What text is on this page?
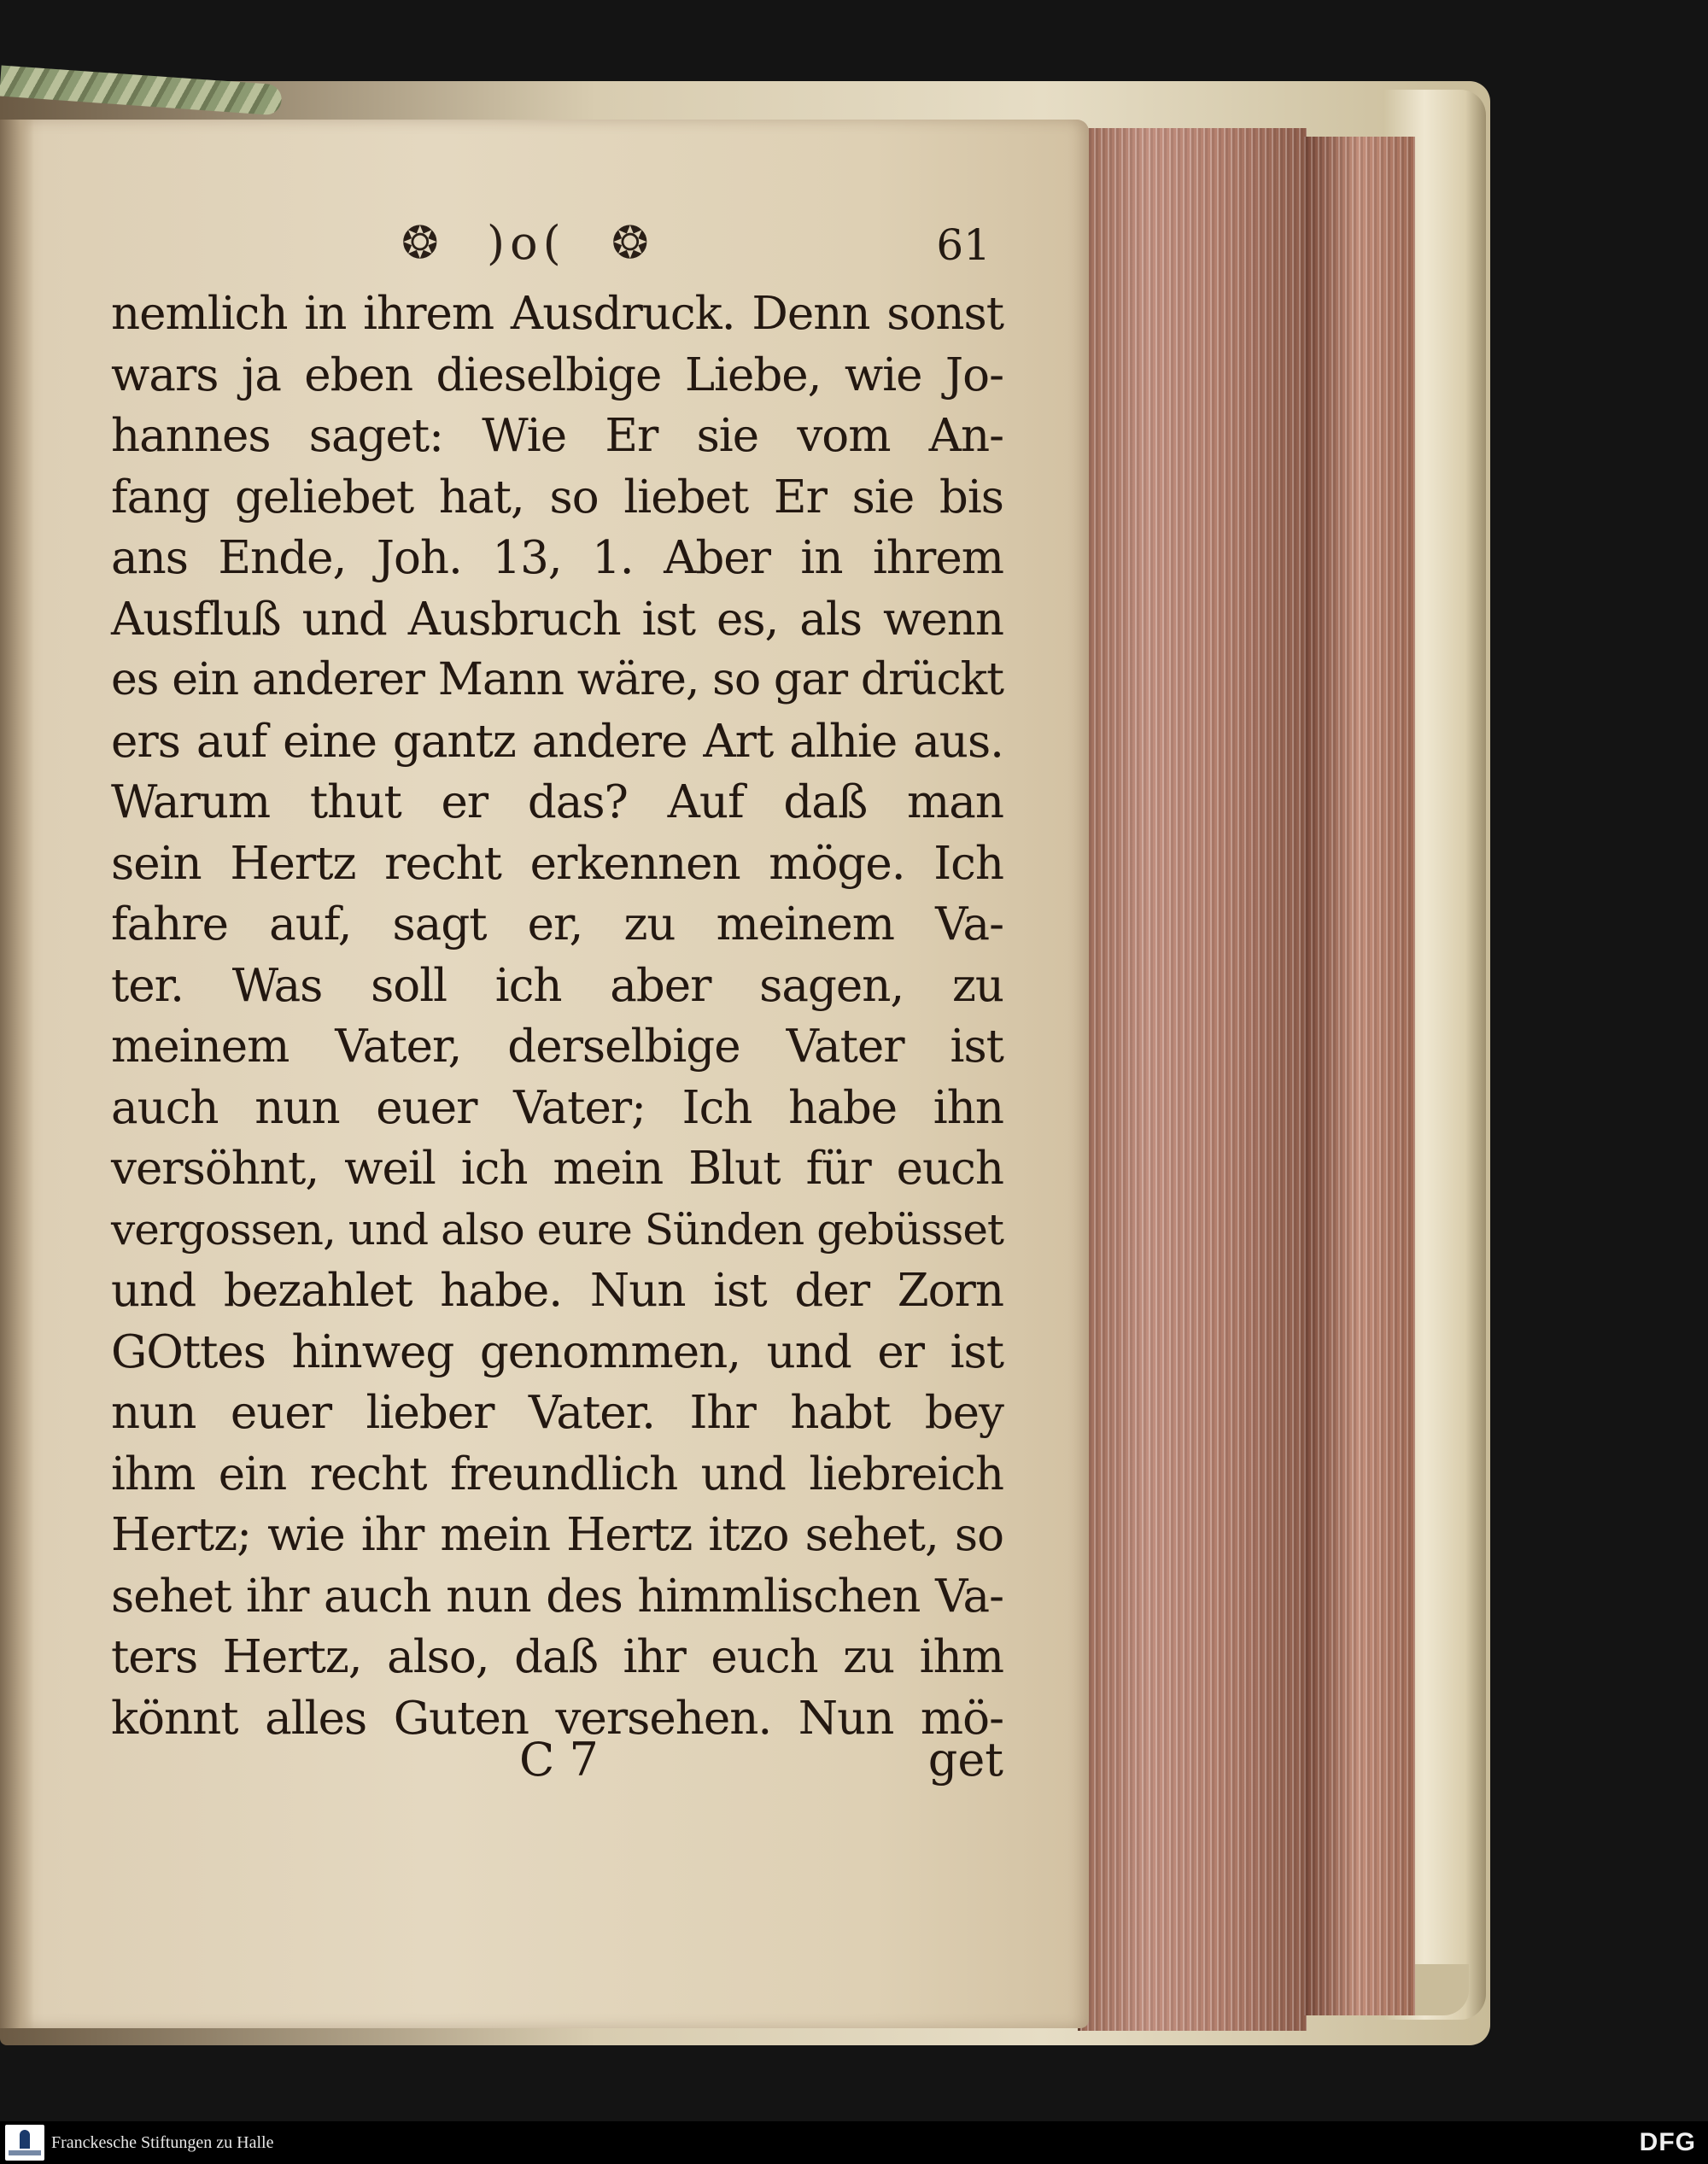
❂ )o( ❂	61
nemlich in ihrem Ausdruck. Denn sonst
wars ja eben dieselbige Liebe, wie Jo-
hannes saget: Wie Er sie vom An-
fang geliebet hat, so liebet Er sie bis
ans Ende, Joh. 13, 1. Aber in ihrem
Ausfluß und Ausbruch ist es, als wenn
es ein anderer Mann wäre, so gar drückt
ers auf eine gantz andere Art alhie aus.
Warum thut er das? Auf daß man
sein Hertz recht erkennen möge. Ich
fahre auf, sagt er, zu meinem Va-
ter. Was soll ich aber sagen, zu
meinem Vater, derselbige Vater ist
auch nun euer Vater; Ich habe ihn
versöhnt, weil ich mein Blut für euch
vergossen, und also eure Sünden gebüsset
und bezahlet habe. Nun ist der Zorn
GOttes hinweg genommen, und er ist
nun euer lieber Vater. Ihr habt bey
ihm ein recht freundlich und liebreich
Hertz; wie ihr mein Hertz itzo sehet, so
sehet ihr auch nun des himmlischen Va-
ters Hertz, also, daß ihr euch zu ihm
könnt alles Guten versehen. Nun mö-
C 7	get
Franckesche Stiftungen zu Halle	DFG
